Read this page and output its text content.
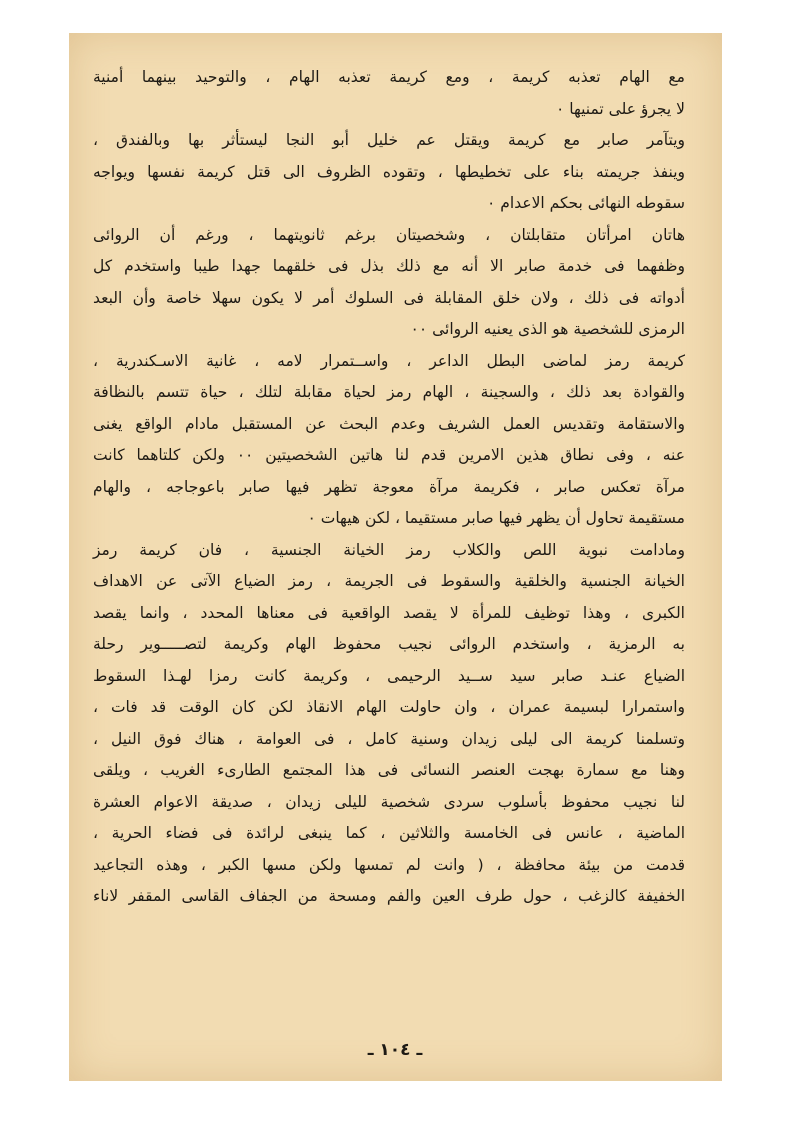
مع الهام تعذبه كريمة ، ومع كريمة تعذبه الهام ، والتوحيد بينهما أمنية
لا يجرؤ على تمنيها ٠
ويتآمر صابر مع كريمة ويقتل عم خليل أبو النجا ليستأثر بها وبالفندق ،
وينفذ جريمته بناء على تخطيطها ، وتقوده الظروف الى قتل كريمة نفسها ويواجه
سقوطه النهائى بحكم الاعدام ٠
هاتان امرأتان متقابلتان ، وشخصيتان برغم ثانويتهما ، ورغم أن الروائى
وظفهما فى خدمة صابر الا أنه مع ذلك بذل فى خلقهما جهدا طيبا واستخدم كل
أدواته فى ذلك ، ولان خلق المقابلة فى السلوك أمر لا يكون سهلا خاصة وأن البعد
الرمزى للشخصية هو الذى يعنيه الروائى ٠٠
كريمة رمز لماضى البطل الداعر ، واســتمرار لامه ، غانية الاسـكندرية ،
والقوادة بعد ذلك ، والسجينة ، الهام رمز لحياة مقابلة لتلك ، حياة تتسم بالنظافة
والاستقامة وتقديس العمل الشريف وعدم البحث عن المستقبل مادام الواقع يغنى
عنه ، وفى نطاق هذين الامرين قدم لنا هاتين الشخصيتين ٠٠ ولكن كلتاهما كانت
مرآة تعكس صابر ، فكريمة مرآة معوجة تظهر فيها صابر باعوجاجه ، والهام
مستقيمة تحاول أن يظهر فيها صابر مستقيما ، لكن هيهات ٠
ومادامت نبوية اللص والكلاب رمز الخيانة الجنسية ، فان كريمة رمز
الخيانة الجنسية والخلقية والسقوط فى الجريمة ، رمز الضياع الآتى عن الاهداف
الكبرى ، وهذا توظيف للمرأة لا يقصد الواقعية فى معناها المحدد ، وانما يقصد
به الرمزية ، واستخدم الروائى نجيب محفوظ الهام وكريمة لتصـــــوير رحلة
الضياع عنـد صابر سيد ســيد الرحيمى ، وكريمة كانت رمزا لهـذا السقوط
واستمرارا لبسيمة عمران ، وان حاولت الهام الانقاذ لكن كان الوقت قد فات ،
وتسلمنا كريمة الى ليلى زيدان وسنية كامل ، فى العوامة ، هناك فوق النيل ،
وهنا مع سمارة بهجت العنصر النسائى فى هذا المجتمع الطارىء الغريب ، ويلقى
لنا نجيب محفوظ بأسلوب سردى شخصية لليلى زيدان ، صديقة الاعوام العشرة
الماضية ، عانس فى الخامسة والثلاثين ، كما ينبغى لرائدة فى فضاء الحرية ،
قدمت من بيئة محافظة ، ( وانت لم تمسها ولكن مسها الكبر ، وهذه التجاعيد
الخفيفة كالزغب ، حول طرف العين والفم ومسحة من الجفاف القاسى المقفر لاناء
ـ ١٠٤ ـ
